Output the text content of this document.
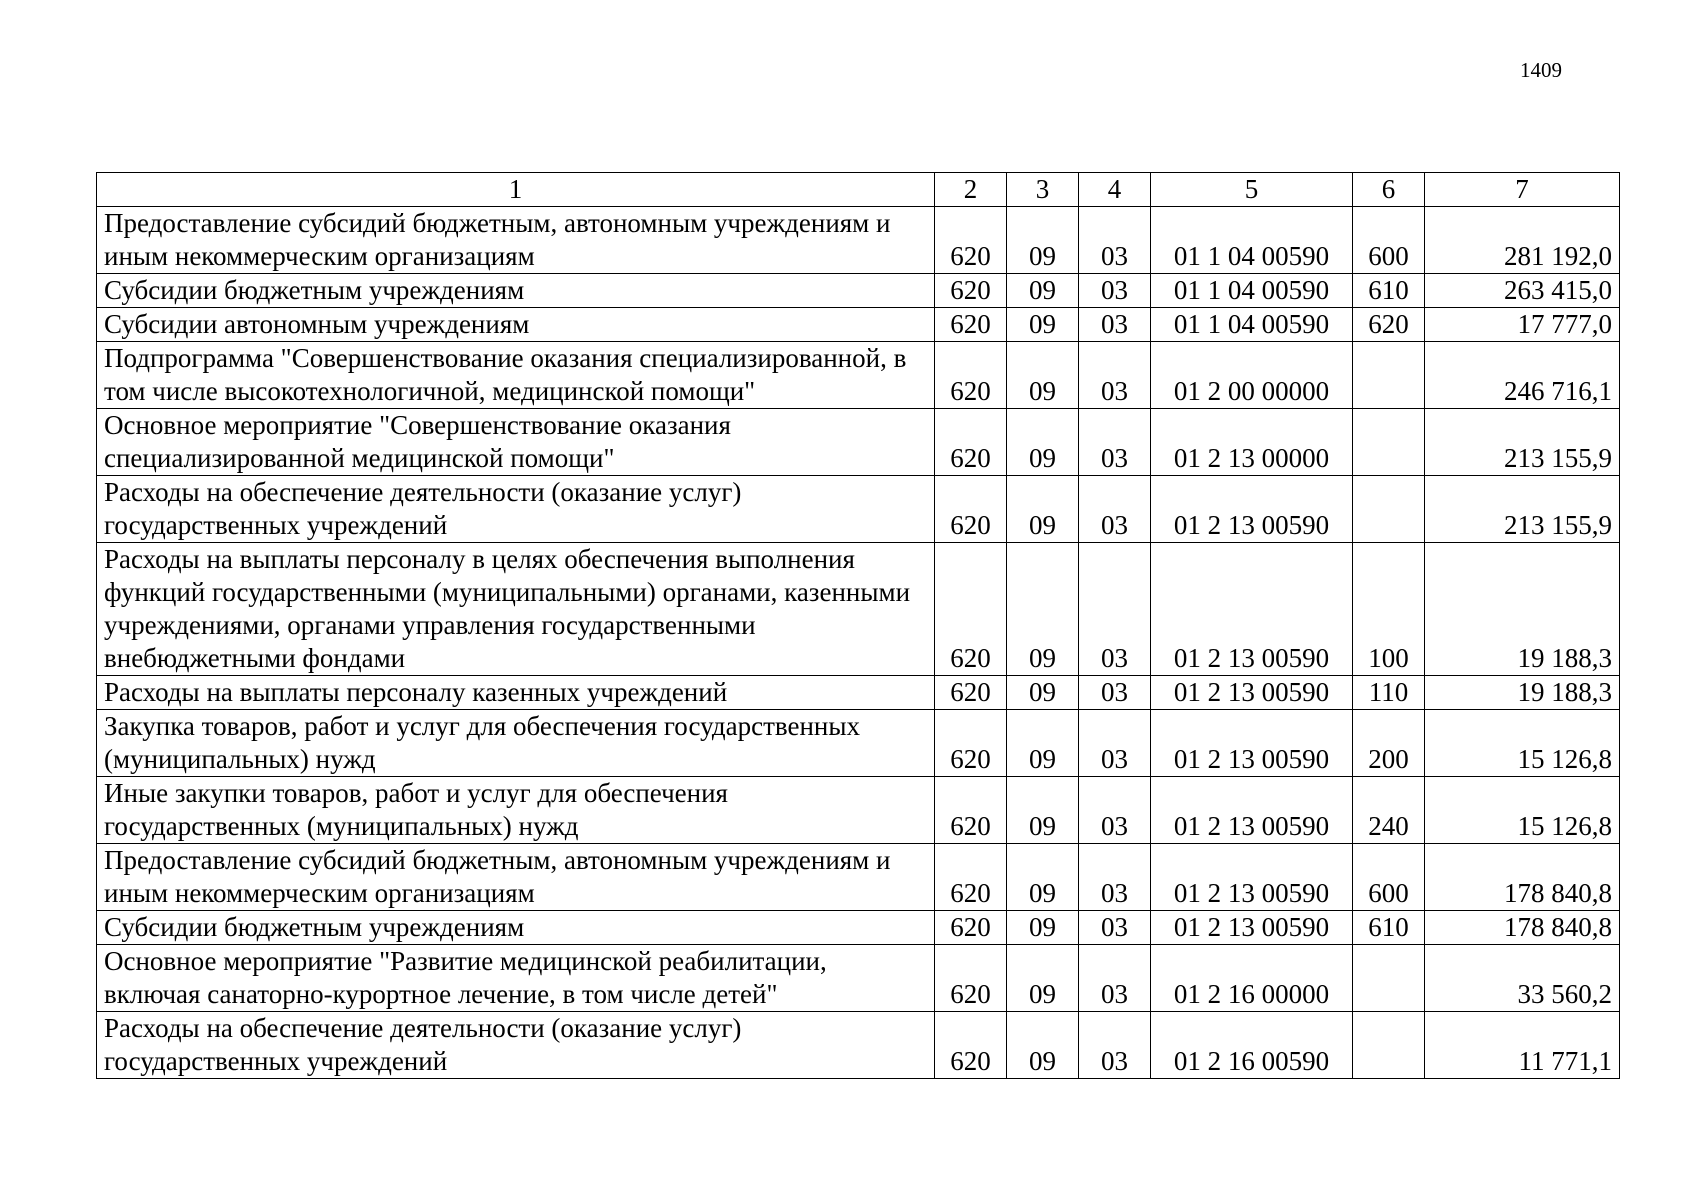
1409
1	2	3	4	5	6	7
Предоставление субсидий бюджетным, автономным учреждениям и иным некоммерческим организациям	620	09	03	01 1 04 00590	600	281 192,0
Субсидии бюджетным учреждениям	620	09	03	01 1 04 00590	610	263 415,0
Субсидии автономным учреждениям	620	09	03	01 1 04 00590	620	17 777,0
Подпрограмма "Совершенствование оказания специализированной, в том числе высокотехнологичной, медицинской помощи"	620	09	03	01 2 00 00000		246 716,1
Основное мероприятие "Совершенствование оказания специализированной медицинской помощи"	620	09	03	01 2 13 00000		213 155,9
Расходы на обеспечение деятельности (оказание услуг) государственных учреждений	620	09	03	01 2 13 00590		213 155,9
Расходы на выплаты персоналу в целях обеспечения выполнения функций государственными (муниципальными) органами, казенными учреждениями, органами управления государственными внебюджетными фондами	620	09	03	01 2 13 00590	100	19 188,3
Расходы на выплаты персоналу казенных учреждений	620	09	03	01 2 13 00590	110	19 188,3
Закупка товаров, работ и услуг для обеспечения государственных (муниципальных) нужд	620	09	03	01 2 13 00590	200	15 126,8
Иные закупки товаров, работ и услуг для обеспечения государственных (муниципальных) нужд	620	09	03	01 2 13 00590	240	15 126,8
Предоставление субсидий бюджетным, автономным учреждениям и иным некоммерческим организациям	620	09	03	01 2 13 00590	600	178 840,8
Субсидии бюджетным учреждениям	620	09	03	01 2 13 00590	610	178 840,8
Основное мероприятие "Развитие медицинской реабилитации, включая санаторно-курортное лечение, в том числе детей"	620	09	03	01 2 16 00000		33 560,2
Расходы на обеспечение деятельности (оказание услуг) государственных учреждений	620	09	03	01 2 16 00590		11 771,1
